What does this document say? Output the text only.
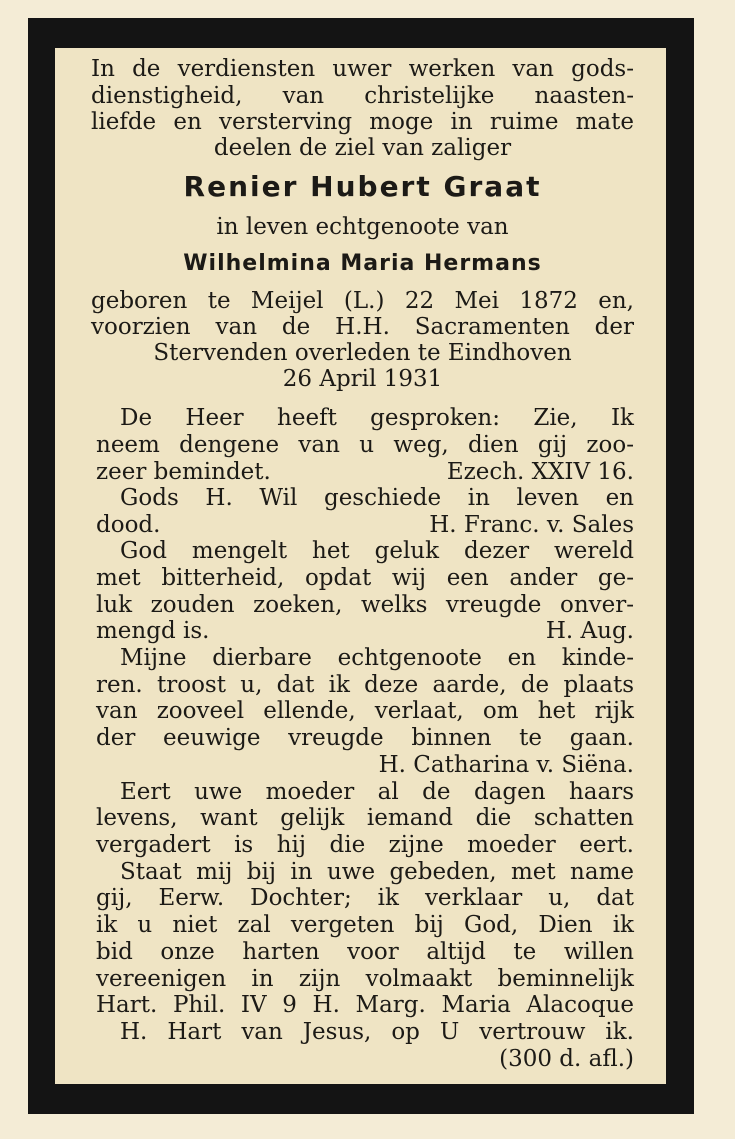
In de verdiensten uwer werken van gods-
dienstigheid, van christelijke naasten-
liefde en versterving moge in ruime mate
deelen de ziel van zaliger
Renier Hubert Graat
in leven echtgenoote van
Wilhelmina Maria Hermans
geboren te Meijel (L.) 22 Mei 1872 en,
voorzien van de H.H. Sacramenten der
Stervenden overleden te Eindhoven
26 April 1931
De Heer heeft gesproken: Zie, Ik
neem dengene van u weg, dien gij zoo-
zeer bemindet.	Ezech. XXIV 16.
Gods H. Wil geschiede in leven en
dood.	H. Franc. v. Sales
God mengelt het geluk dezer wereld
met bitterheid, opdat wij een ander ge-
luk zouden zoeken, welks vreugde onver-
mengd is.	H. Aug.
Mijne dierbare echtgenoote en kinde-
ren. troost u, dat ik deze aarde, de plaats
van zooveel ellende, verlaat, om het rijk
der eeuwige vreugde binnen te gaan.
H. Catharina v. Siëna.
Eert uwe moeder al de dagen haars
levens, want gelijk iemand die schatten
vergadert is hij die zijne moeder eert.
Staat mij bij in uwe gebeden, met name
gij, Eerw. Dochter; ik verklaar u, dat
ik u niet zal vergeten bij God, Dien ik
bid onze harten voor altijd te willen
vereenigen in zijn volmaakt beminnelijk
Hart. Phil. IV 9 H. Marg. Maria Alacoque
H. Hart van Jesus, op U vertrouw ik.
(300 d. afl.)
